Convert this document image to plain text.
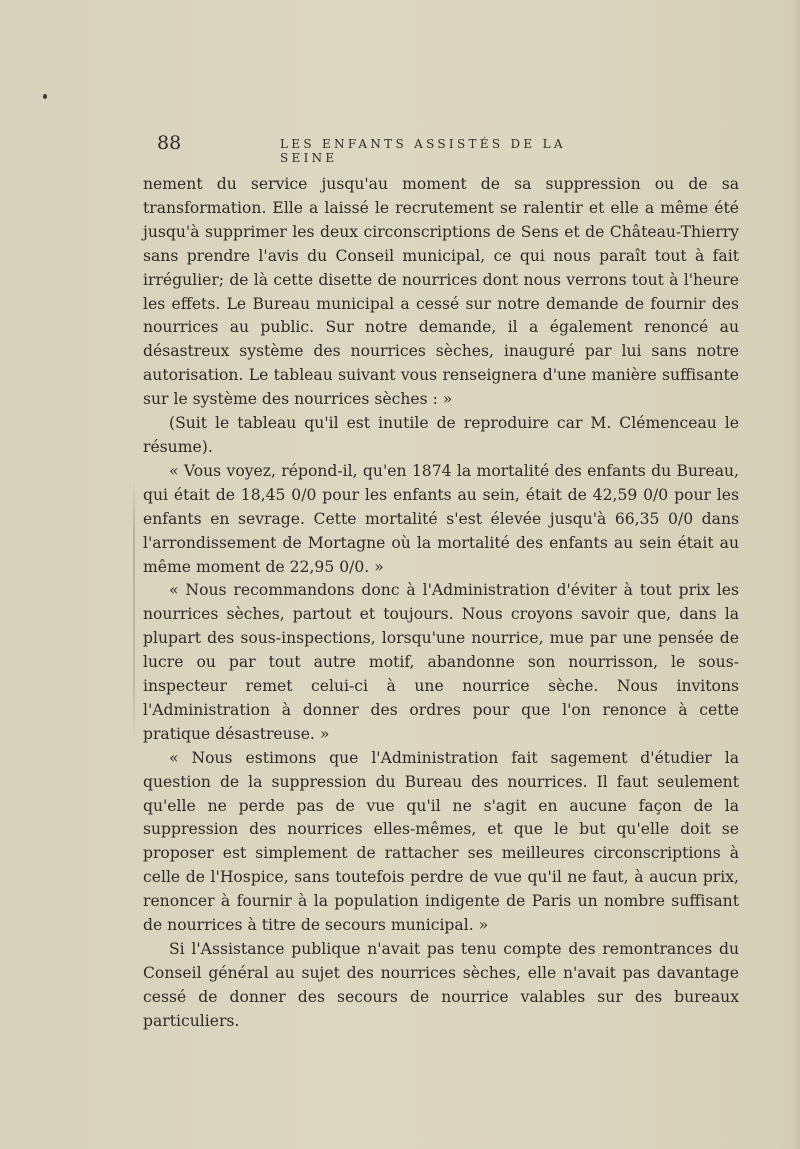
88	LES ENFANTS ASSISTÉS DE LA SEINE

nement du service jusqu'au moment de sa suppression ou de sa transformation. Elle a laissé le recrutement se ralentir et elle a même été jusqu'à supprimer les deux circonscriptions de Sens et de Château-Thierry sans prendre l'avis du Conseil municipal, ce qui nous paraît tout à fait irrégulier; de là cette disette de nourrices dont nous verrons tout à l'heure les effets. Le Bureau municipal a cessé sur notre demande de fournir des nourrices au public. Sur notre demande, il a également renoncé au désastreux système des nourrices sèches, inauguré par lui sans notre autorisation. Le tableau suivant vous renseignera d'une manière suffisante sur le système des nourrices sèches : »

(Suit le tableau qu'il est inutile de reproduire car M. Clémenceau le résume).

« Vous voyez, répond-il, qu'en 1874 la mortalité des enfants du Bureau, qui était de 18,45 0/0 pour les enfants au sein, était de 42,59 0/0 pour les enfants en sevrage. Cette mortalité s'est élevée jusqu'à 66,35 0/0 dans l'arrondissement de Mortagne où la mortalité des enfants au sein était au même moment de 22,95 0/0. »

« Nous recommandons donc à l'Administration d'éviter à tout prix les nourrices sèches, partout et toujours. Nous croyons savoir que, dans la plupart des sous-inspections, lorsqu'une nourrice, mue par une pensée de lucre ou par tout autre motif, abandonne son nourrisson, le sous-inspecteur remet celui-ci à une nourrice sèche. Nous invitons l'Administration à donner des ordres pour que l'on renonce à cette pratique désastreuse. »

« Nous estimons que l'Administration fait sagement d'étudier la question de la suppression du Bureau des nourrices. Il faut seulement qu'elle ne perde pas de vue qu'il ne s'agit en aucune façon de la suppression des nourrices elles-mêmes, et que le but qu'elle doit se proposer est simplement de rattacher ses meilleures circonscriptions à celle de l'Hospice, sans toutefois perdre de vue qu'il ne faut, à aucun prix, renoncer à fournir à la population indigente de Paris un nombre suffisant de nourrices à titre de secours municipal. »

Si l'Assistance publique n'avait pas tenu compte des remontrances du Conseil général au sujet des nourrices sèches, elle n'avait pas davantage cessé de donner des secours de nourrice valables sur des bureaux particuliers.
